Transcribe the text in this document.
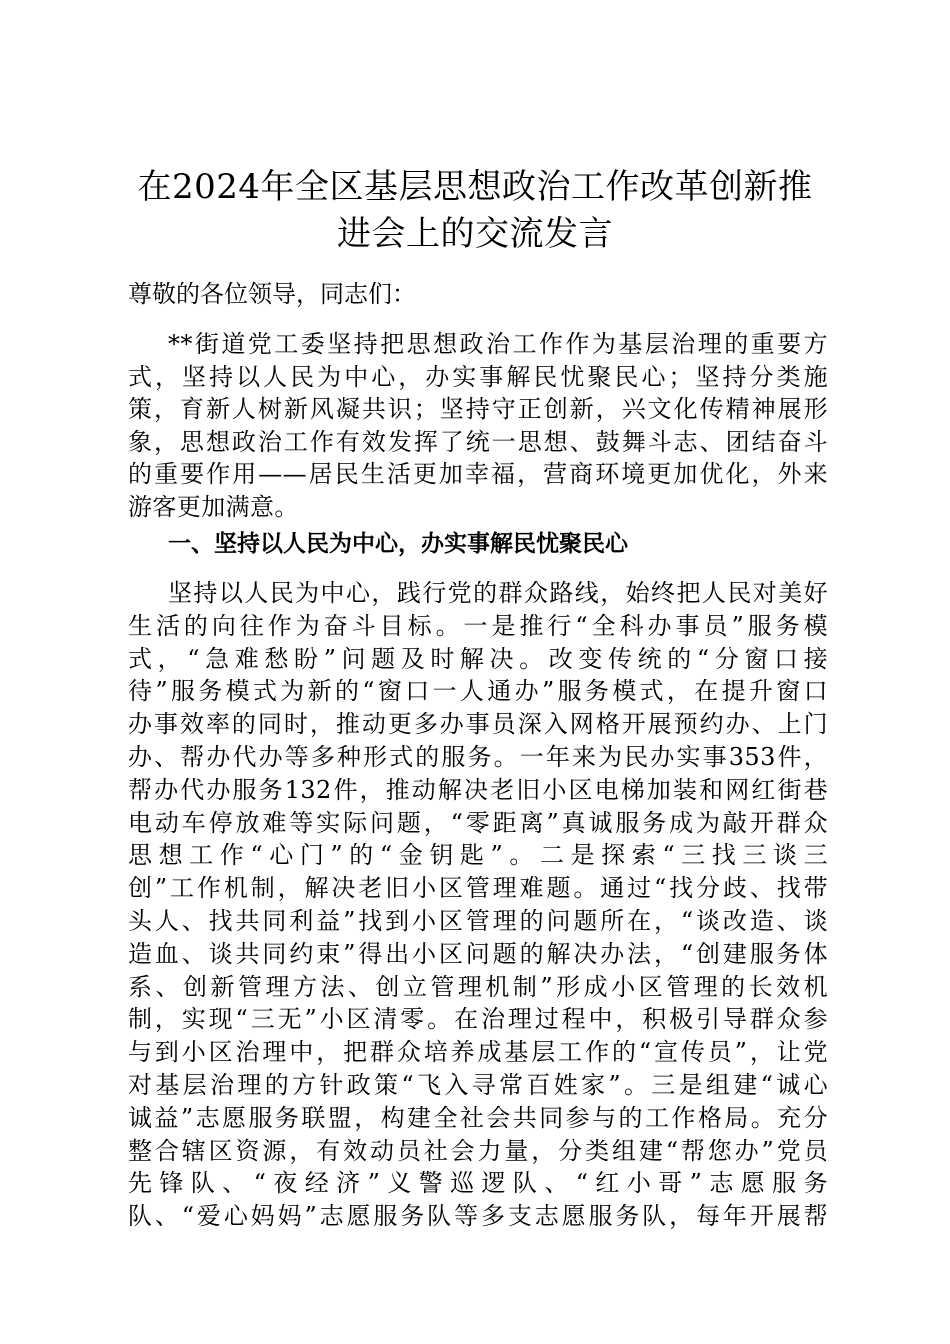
在2024年全区基层思想政治工作改革创新推
进会上的交流发言

尊敬的各位领导，同志们：

**街道党工委坚持把思想政治工作作为基层治理的重要方
式，坚持以人民为中心，办实事解民忧聚民心；坚持分类施
策，育新人树新风凝共识；坚持守正创新，兴文化传精神展形
象，思想政治工作有效发挥了统一思想、鼓舞斗志、团结奋斗
的重要作用——居民生活更加幸福，营商环境更加优化，外来
游客更加满意。
一、坚持以人民为中心，办实事解民忧聚民心
坚持以人民为中心，践行党的群众路线，始终把人民对美好
生活的向往作为奋斗目标。一是推行“全科办事员”服务模
式，“急难愁盼”问题及时解决。改变传统的“分窗口接
待”服务模式为新的“窗口一人通办”服务模式，在提升窗口
办事效率的同时，推动更多办事员深入网格开展预约办、上门
办、帮办代办等多种形式的服务。一年来为民办实事353件，
帮办代办服务132件，推动解决老旧小区电梯加装和网红街巷
电动车停放难等实际问题，“零距离”真诚服务成为敲开群众
思想工作“心门”的“金钥匙”。二是探索“三找三谈三
创”工作机制，解决老旧小区管理难题。通过“找分歧、找带
头人、找共同利益”找到小区管理的问题所在，“谈改造、谈
造血、谈共同约束”得出小区问题的解决办法，“创建服务体
系、创新管理方法、创立管理机制”形成小区管理的长效机
制，实现“三无”小区清零。在治理过程中，积极引导群众参
与到小区治理中，把群众培养成基层工作的“宣传员”，让党
对基层治理的方针政策“飞入寻常百姓家”。三是组建“诚心
诚益”志愿服务联盟，构建全社会共同参与的工作格局。充分
整合辖区资源，有效动员社会力量，分类组建“帮您办”党员
先锋队、“夜经济”义警巡逻队、“红小哥”志愿服务
队、“爱心妈妈”志愿服务队等多支志愿服务队，每年开展帮
